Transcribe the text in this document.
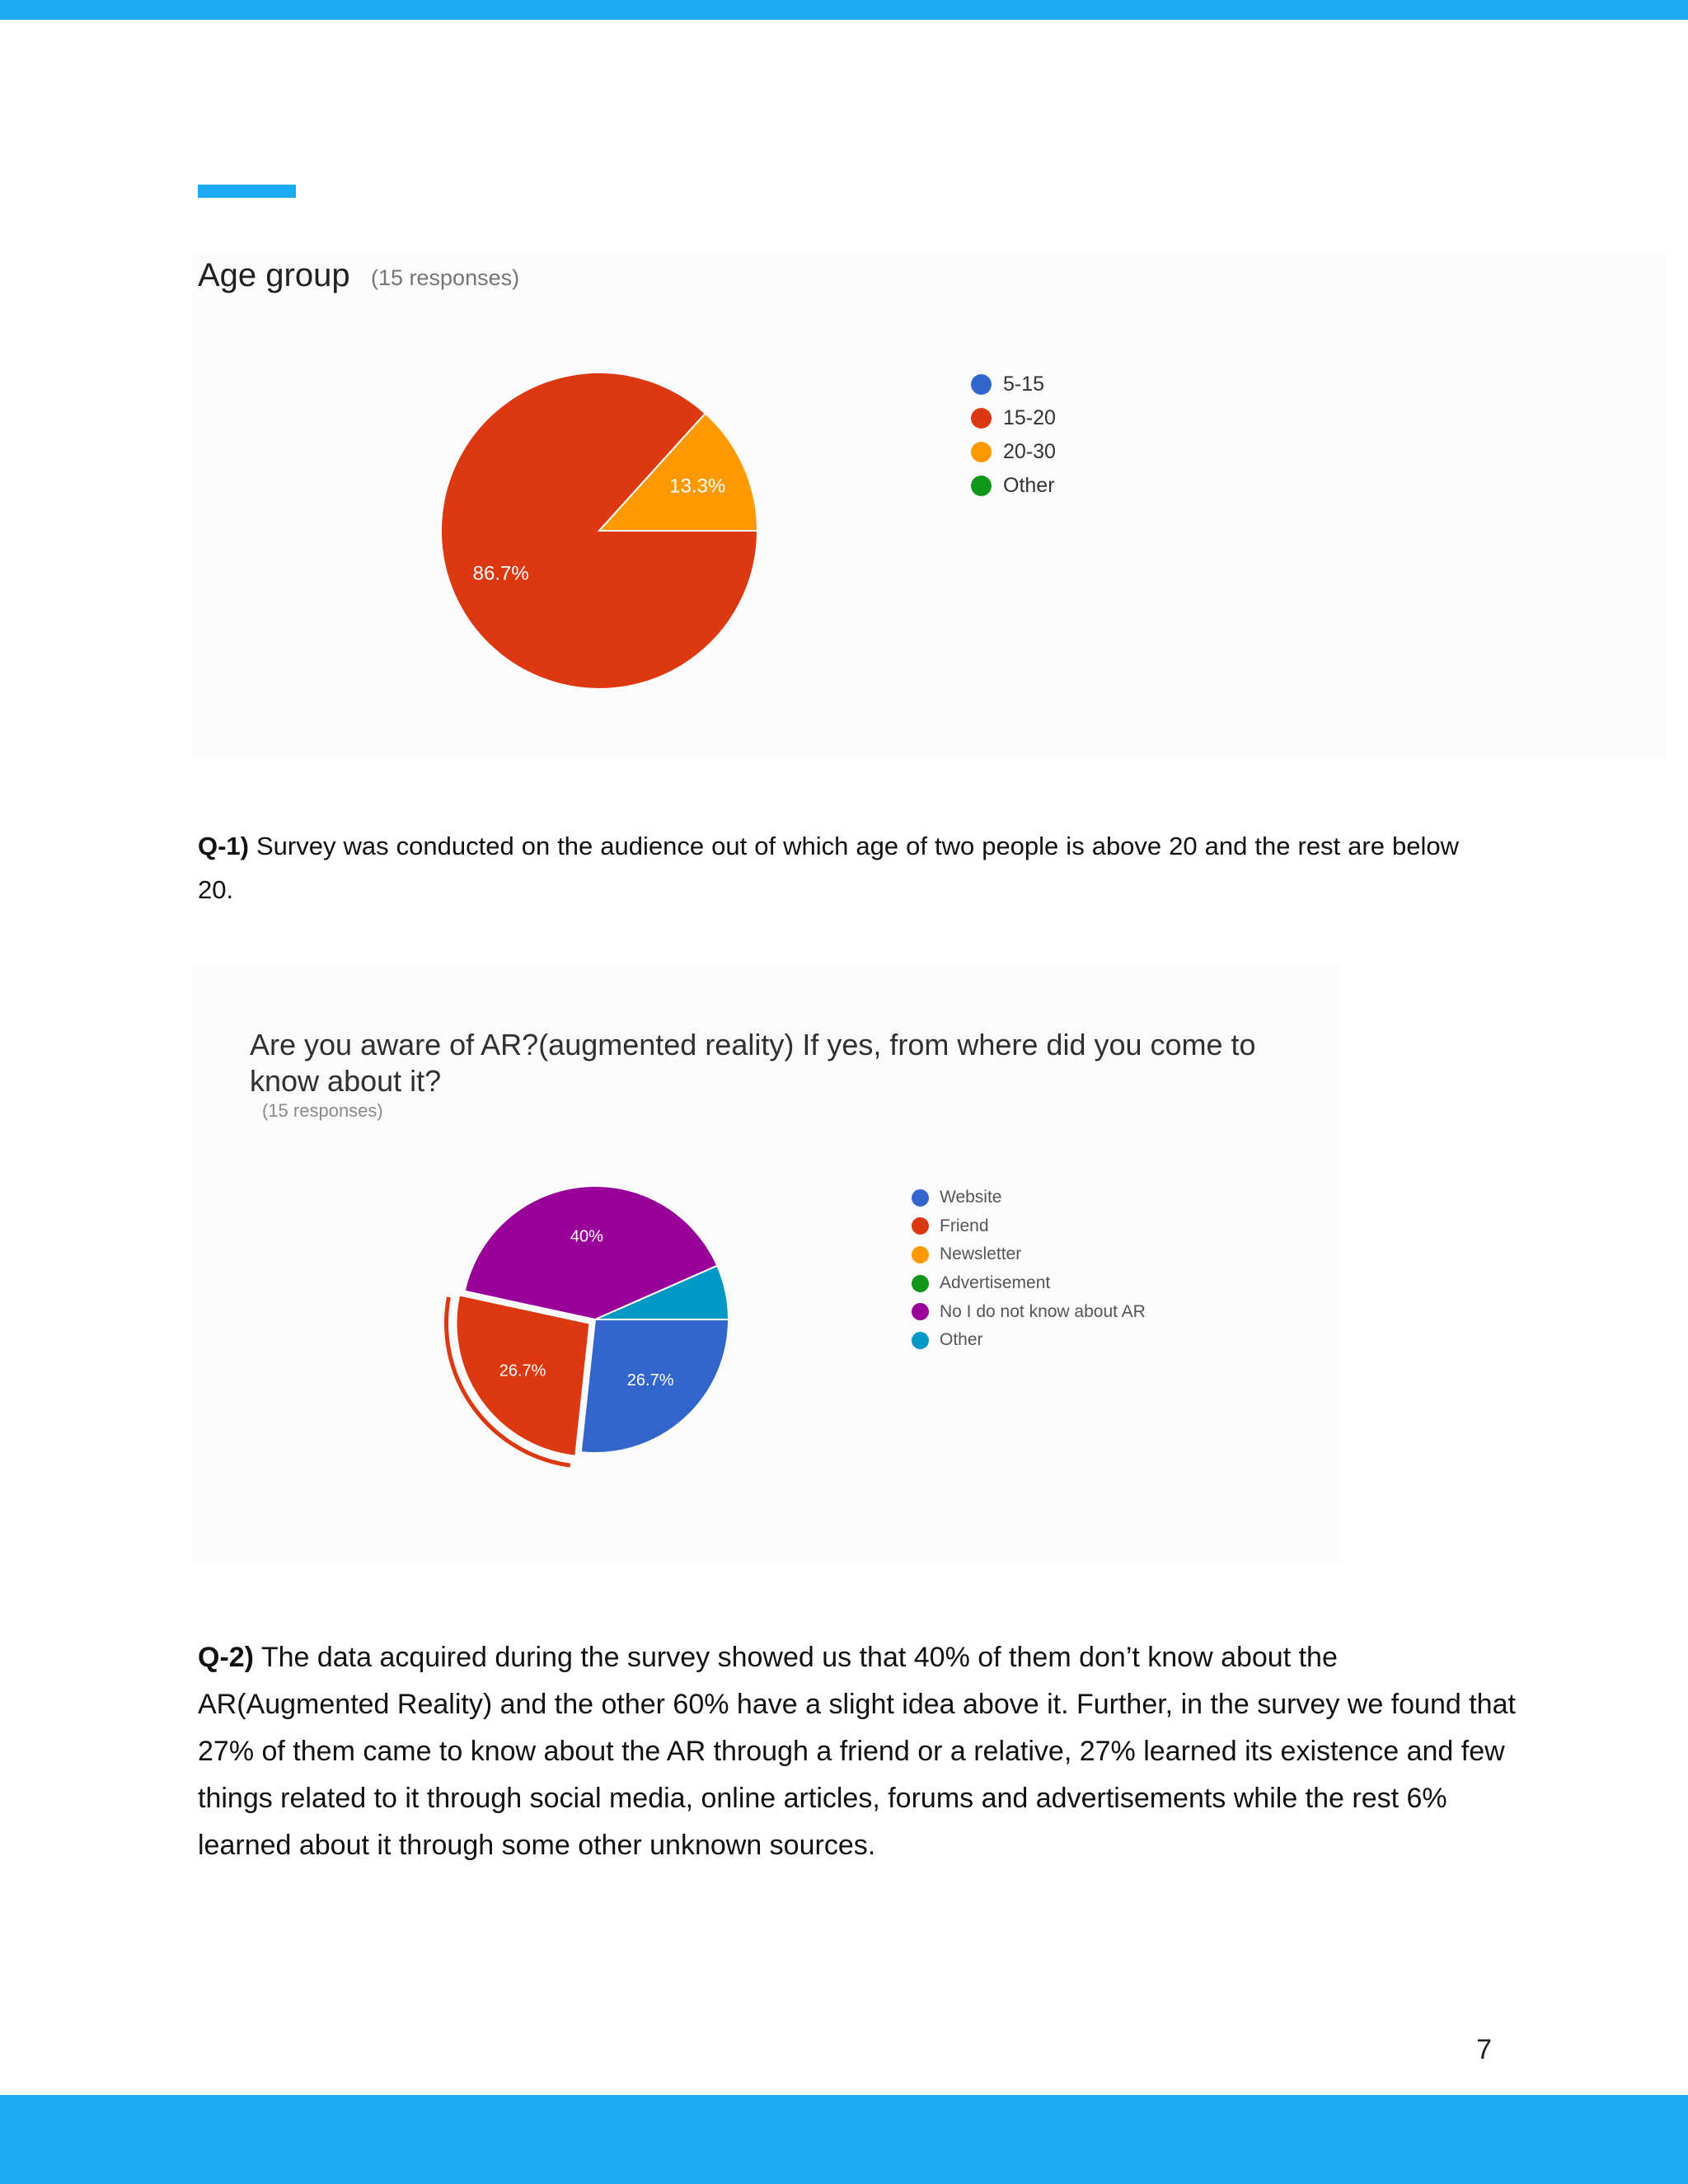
Age group (15 responses)
5-15
15-20
20-30
Other
Are you aware of AR?(augmented reality) If yes, from where did you come to know about it?
(15 responses)
Website
Friend
Newsletter
Advertisement
No I do not know about AR
Other
86.7%
13.3%
26.7%
26.7%
40%
Q-1) Survey was conducted on the audience out of which age of two people is above 20 and the rest are below 20.
Q-2) The data acquired during the survey showed us that 40% of them don’t know about the AR(Augmented Reality) and the other 60% have a slight idea above it. Further, in the survey we found that 27% of them came to know about the AR through a friend or a relative, 27% learned its existence and few things related to it through social media, online articles, forums and advertisements while the rest 6% learned about it through some other unknown sources.
7
